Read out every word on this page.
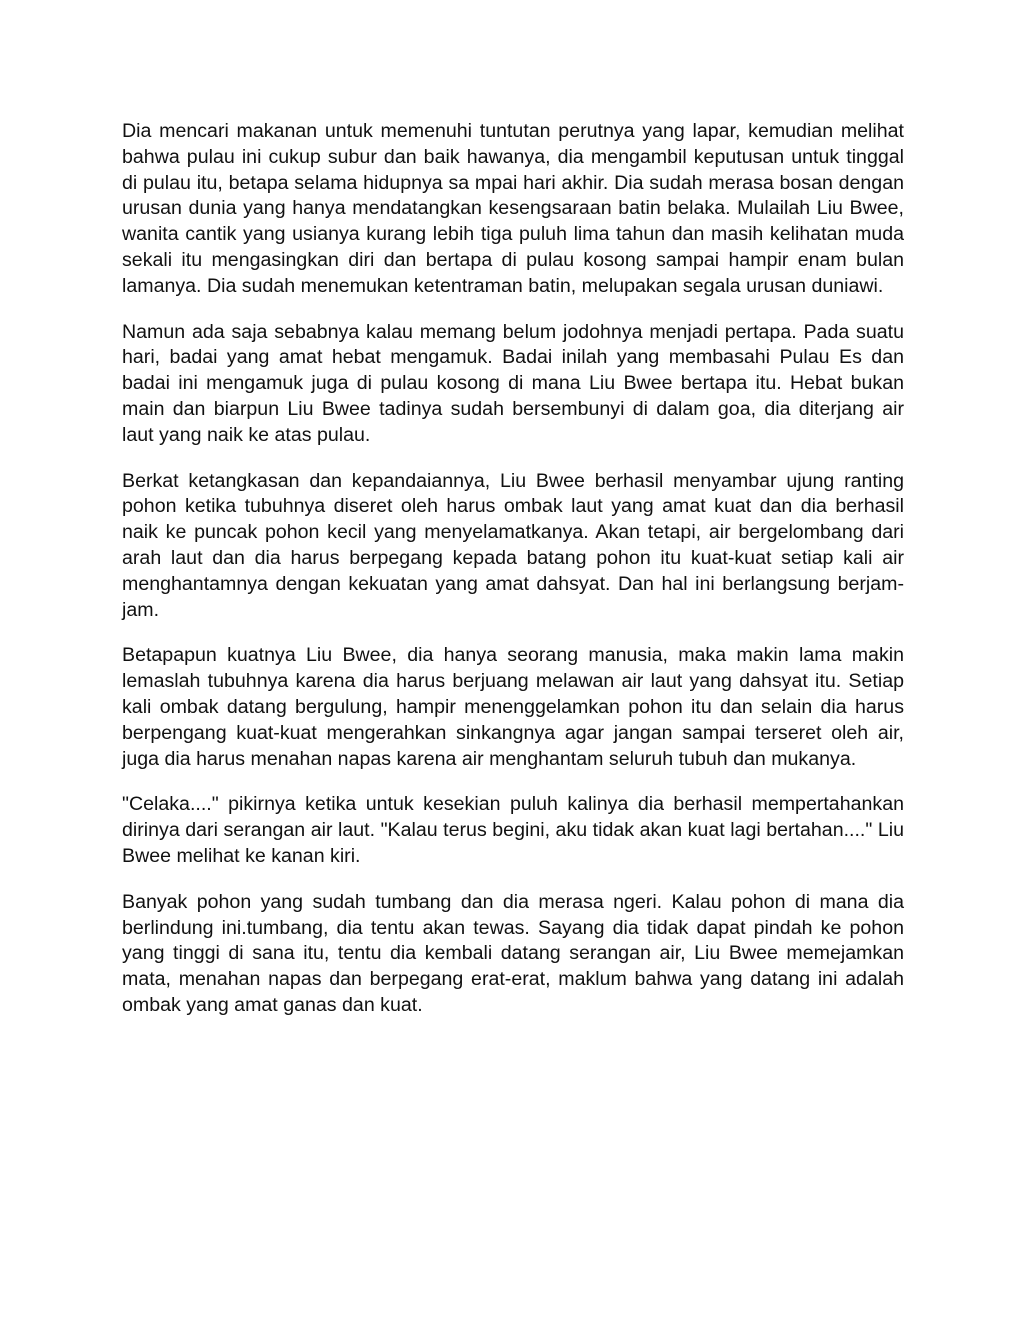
Dia mencari makanan untuk memenuhi tuntutan perutnya yang lapar, kemudian melihat bahwa pulau ini cukup subur dan baik hawanya, dia mengambil keputusan untuk tinggal di pulau itu, betapa selama hidupnya sa mpai hari akhir. Dia sudah merasa bosan dengan urusan dunia yang hanya mendatangkan kesengsaraan batin belaka. Mulailah Liu Bwee, wanita cantik yang usianya kurang lebih tiga puluh lima tahun dan masih kelihatan muda sekali itu mengasingkan diri dan bertapa di pulau kosong sampai hampir enam bulan lamanya. Dia sudah menemukan ketentraman batin, melupakan segala urusan duniawi.

Namun ada saja sebabnya kalau memang belum jodohnya menjadi pertapa. Pada suatu hari, badai yang amat hebat mengamuk. Badai inilah yang membasahi Pulau Es dan badai ini mengamuk juga di pulau kosong di mana Liu Bwee bertapa itu. Hebat bukan main dan biarpun Liu Bwee tadinya sudah bersembunyi di dalam goa, dia diterjang air laut yang naik ke atas pulau.

Berkat ketangkasan dan kepandaiannya, Liu Bwee berhasil menyambar ujung ranting pohon ketika tubuhnya diseret oleh harus ombak laut yang amat kuat dan dia berhasil naik ke puncak pohon kecil yang menyelamatkanya. Akan tetapi, air bergelombang dari arah laut dan dia harus berpegang kepada batang pohon itu kuat-kuat setiap kali air menghantamnya dengan kekuatan yang amat dahsyat. Dan hal ini berlangsung berjam-jam.

Betapapun kuatnya Liu Bwee, dia hanya seorang manusia, maka makin lama makin lemaslah tubuhnya karena dia harus berjuang melawan air laut yang dahsyat itu. Setiap kali ombak datang bergulung, hampir menenggelamkan pohon itu dan selain dia harus berpengang kuat-kuat mengerahkan sinkangnya agar jangan sampai terseret oleh air, juga dia harus menahan napas karena air menghantam seluruh tubuh dan mukanya.

"Celaka...." pikirnya ketika untuk kesekian puluh kalinya dia berhasil mempertahankan dirinya dari serangan air laut. "Kalau terus begini, aku tidak akan kuat lagi bertahan...." Liu Bwee melihat ke kanan kiri.

Banyak pohon yang sudah tumbang dan dia merasa ngeri. Kalau pohon di mana dia berlindung ini.tumbang, dia tentu akan tewas. Sayang dia tidak dapat pindah ke pohon yang tinggi di sana itu, tentu dia kembali datang serangan air, Liu Bwee memejamkan mata, menahan napas dan berpegang erat-erat, maklum bahwa yang datang ini adalah ombak yang amat ganas dan kuat.
